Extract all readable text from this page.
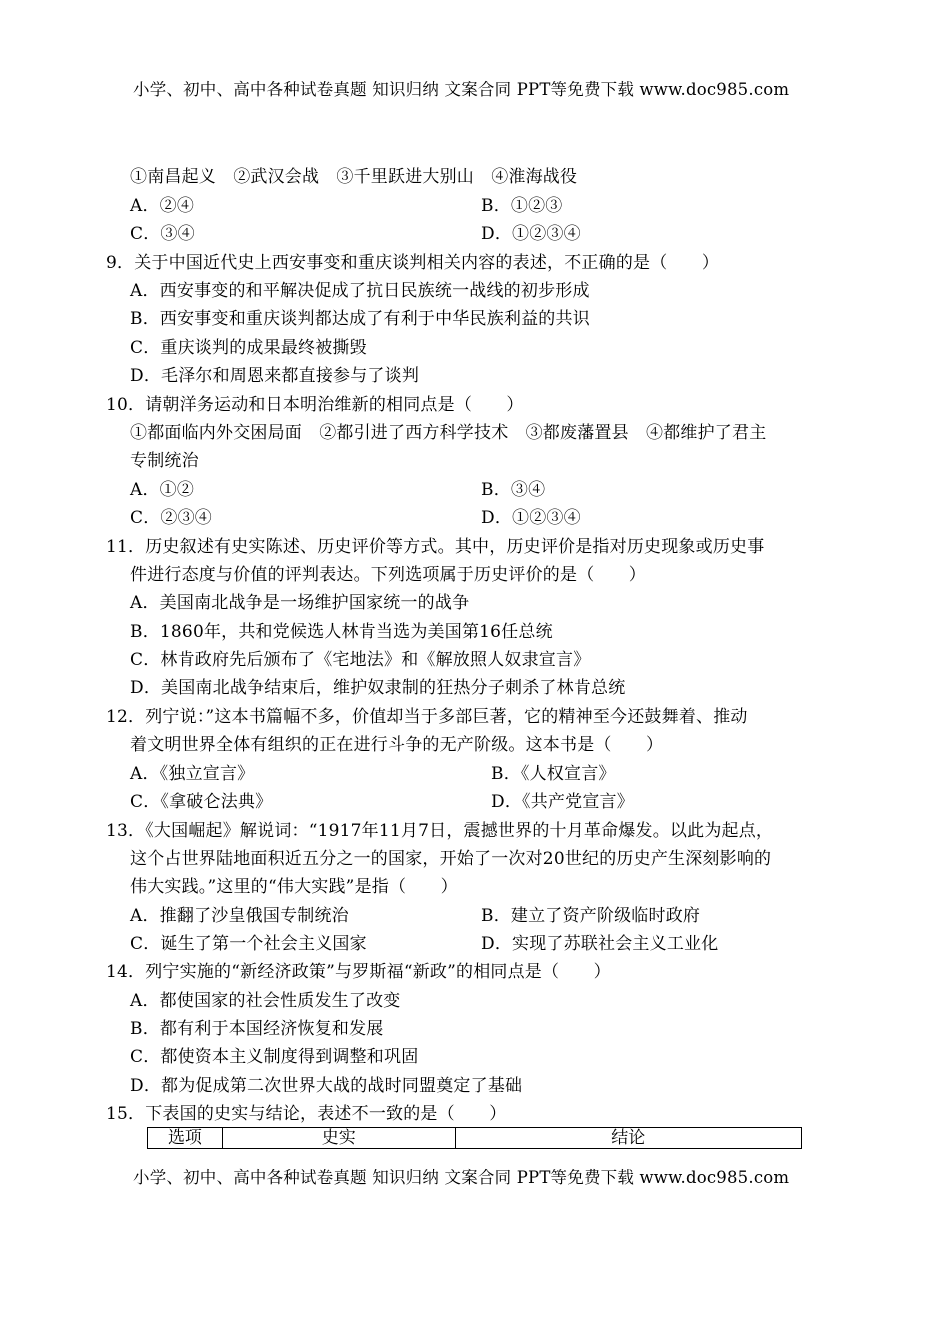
小学、初中、高中各种试卷真题 知识归纳 文案合同 PPT等免费下载 www.doc985.com
①南昌起义　②武汉会战　③千里跃进大别山　④淮海战役
A．②④	B．①②③
C．③④	D．①②③④
9．关于中国近代史上西安事变和重庆谈判相关内容的表述，不正确的是（　　）
A．西安事变的和平解决促成了抗日民族统一战线的初步形成
B．西安事变和重庆谈判都达成了有利于中华民族利益的共识
C．重庆谈判的成果最终被撕毁
D．毛泽尔和周恩来都直接参与了谈判
10．请朝洋务运动和日本明治维新的相同点是（　　）
①都面临内外交困局面　②都引进了西方科学技术　③都废藩置县　④都维护了君主
专制统治
A．①②	B．③④
C．②③④	D．①②③④
11．历史叙述有史实陈述、历史评价等方式。其中，历史评价是指对历史现象或历史事
件进行态度与价值的评判表达。下列选项属于历史评价的是（　　）
A．美国南北战争是一场维护国家统一的战争
B．1860年，共和党候选人林肯当选为美国第16任总统
C．林肯政府先后颁布了《宅地法》和《解放照人奴隶宣言》
D．美国南北战争结束后，维护奴隶制的狂热分子刺杀了林肯总统
12．列宁说：”这本书篇幅不多，价值却当于多部巨著，它的精神至今还鼓舞着、推动
着文明世界全体有组织的正在进行斗争的无产阶级。这本书是（　　）
A．《独立宣言》	B．《人权宣言》
C．《拿破仑法典》	D．《共产党宣言》
13．《大国崛起》解说词：“1917年11月7日，震撼世界的十月革命爆发。以此为起点，
这个占世界陆地面积近五分之一的国家，开始了一次对20世纪的历史产生深刻影响的
伟大实践。”这里的“伟大实践”是指（　　）
A．推翻了沙皇俄国专制统治	B．建立了资产阶级临时政府
C．诞生了第一个社会主义国家	D．实现了苏联社会主义工业化
14．列宁实施的“新经济政策”与罗斯福“新政”的相同点是（　　）
A．都使国家的社会性质发生了改变
B．都有利于本国经济恢复和发展
C．都使资本主义制度得到调整和巩固
D．都为促成第二次世界大战的战时同盟奠定了基础
15．下表国的史实与结论，表述不一致的是（　　）
选项	史实	结论
小学、初中、高中各种试卷真题 知识归纳 文案合同 PPT等免费下载 www.doc985.com
